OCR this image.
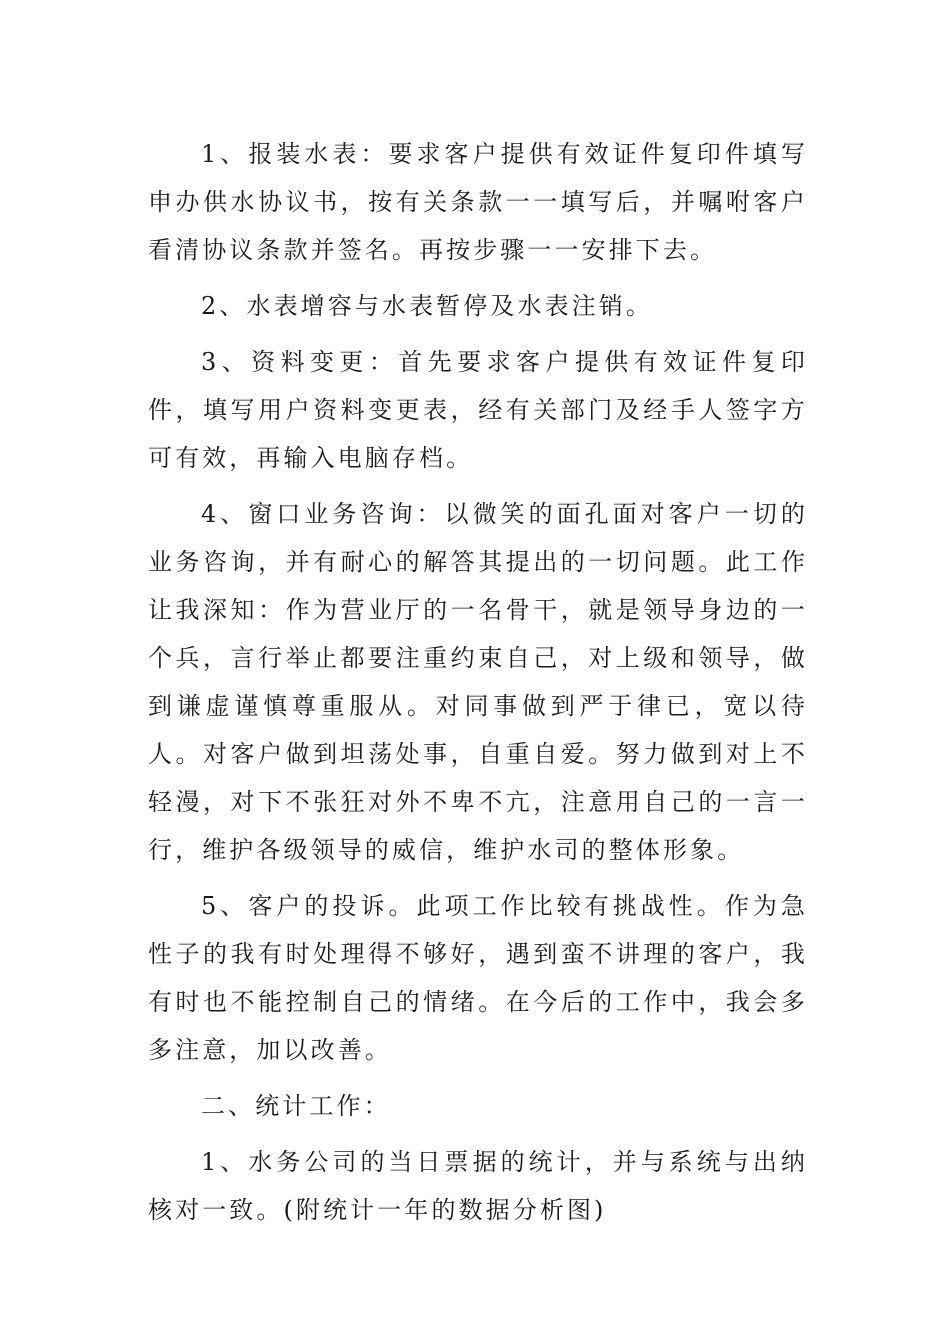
1、报装水表：要求客户提供有效证件复印件填写申办供水协议书，按有关条款一一填写后，并嘱咐客户看清协议条款并签名。再按步骤一一安排下去。

2、水表增容与水表暂停及水表注销。

3、资料变更：首先要求客户提供有效证件复印件，填写用户资料变更表，经有关部门及经手人签字方可有效，再输入电脑存档。

4、窗口业务咨询：以微笑的面孔面对客户一切的业务咨询，并有耐心的解答其提出的一切问题。此工作让我深知：作为营业厅的一名骨干，就是领导身边的一个兵，言行举止都要注重约束自己，对上级和领导，做到谦虚谨慎尊重服从。对同事做到严于律已，宽以待人。对客户做到坦荡处事，自重自爱。努力做到对上不轻漫，对下不张狂对外不卑不亢，注意用自己的一言一行，维护各级领导的威信，维护水司的整体形象。

5、客户的投诉。此项工作比较有挑战性。作为急性子的我有时处理得不够好，遇到蛮不讲理的客户，我有时也不能控制自己的情绪。在今后的工作中，我会多多注意，加以改善。

二、统计工作：

1、水务公司的当日票据的统计，并与系统与出纳核对一致。(附统计一年的数据分析图)
